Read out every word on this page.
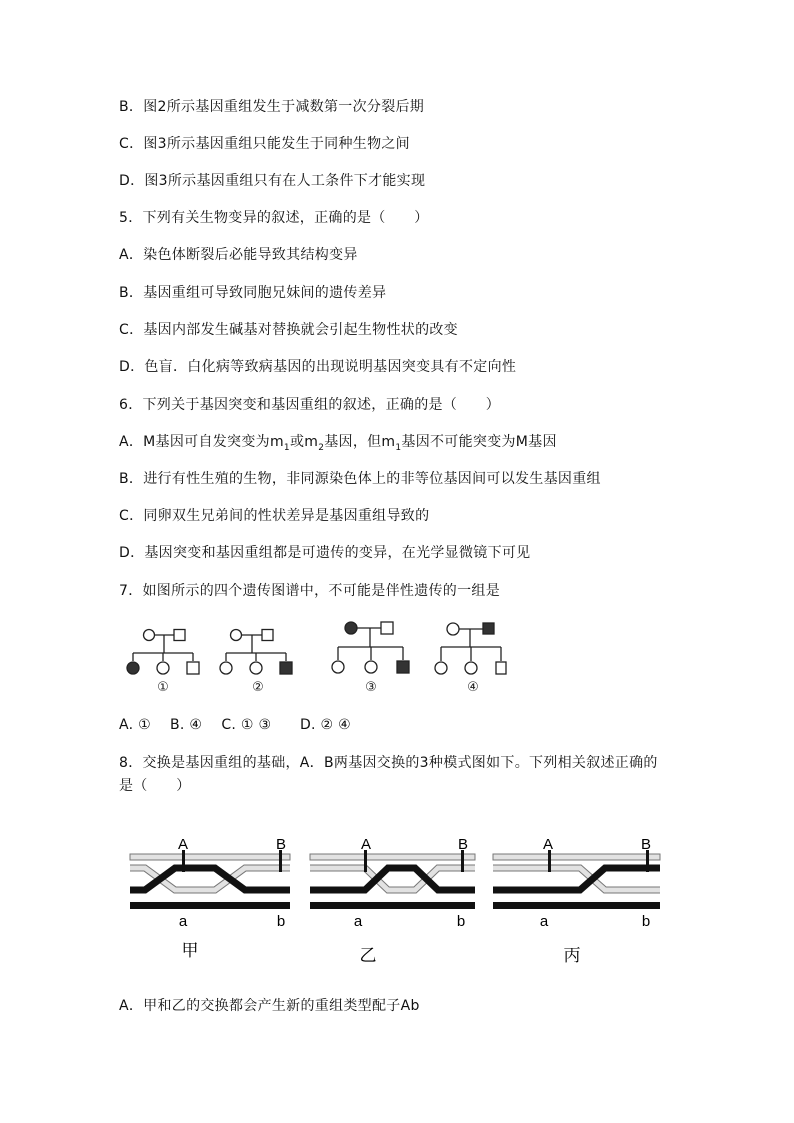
B．图2所示基因重组发生于减数第一次分裂后期
C．图3所示基因重组只能发生于同种生物之间
D．图3所示基因重组只有在人工条件下才能实现
5．下列有关生物变异的叙述，正确的是（　　）
A．染色体断裂后必能导致其结构变异
B．基因重组可导致同胞兄妹间的遗传差异
C．基因内部发生碱基对替换就会引起生物性状的改变
D．色盲．白化病等致病基因的出现说明基因突变具有不定向性
6．下列关于基因突变和基因重组的叙述，正确的是（　　）
A．M基因可自发突变为$m_1$或$m_2$基因，但$m_1$基因不可能突变为M基因
B．进行有性生殖的生物，非同源染色体上的非等位基因间可以发生基因重组
C．同卵双生兄弟间的性状差异是基因重组导致的
D．基因突变和基因重组都是可遗传的变异，在光学显微镜下可见
7．如图所示的四个遗传图谱中，不可能是伴性遗传的一组是
①	②	③	④
A. ①　 B. ④　 C. ① ③　　D. ② ④
8．交换是基因重组的基础，A．B两基因交换的3种模式图如下。下列相关叙述正确的
是（　　）
A	B
a	b
甲
A	B
a	b
乙
A	B
a	b
丙
A．甲和乙的交换都会产生新的重组类型配子Ab
